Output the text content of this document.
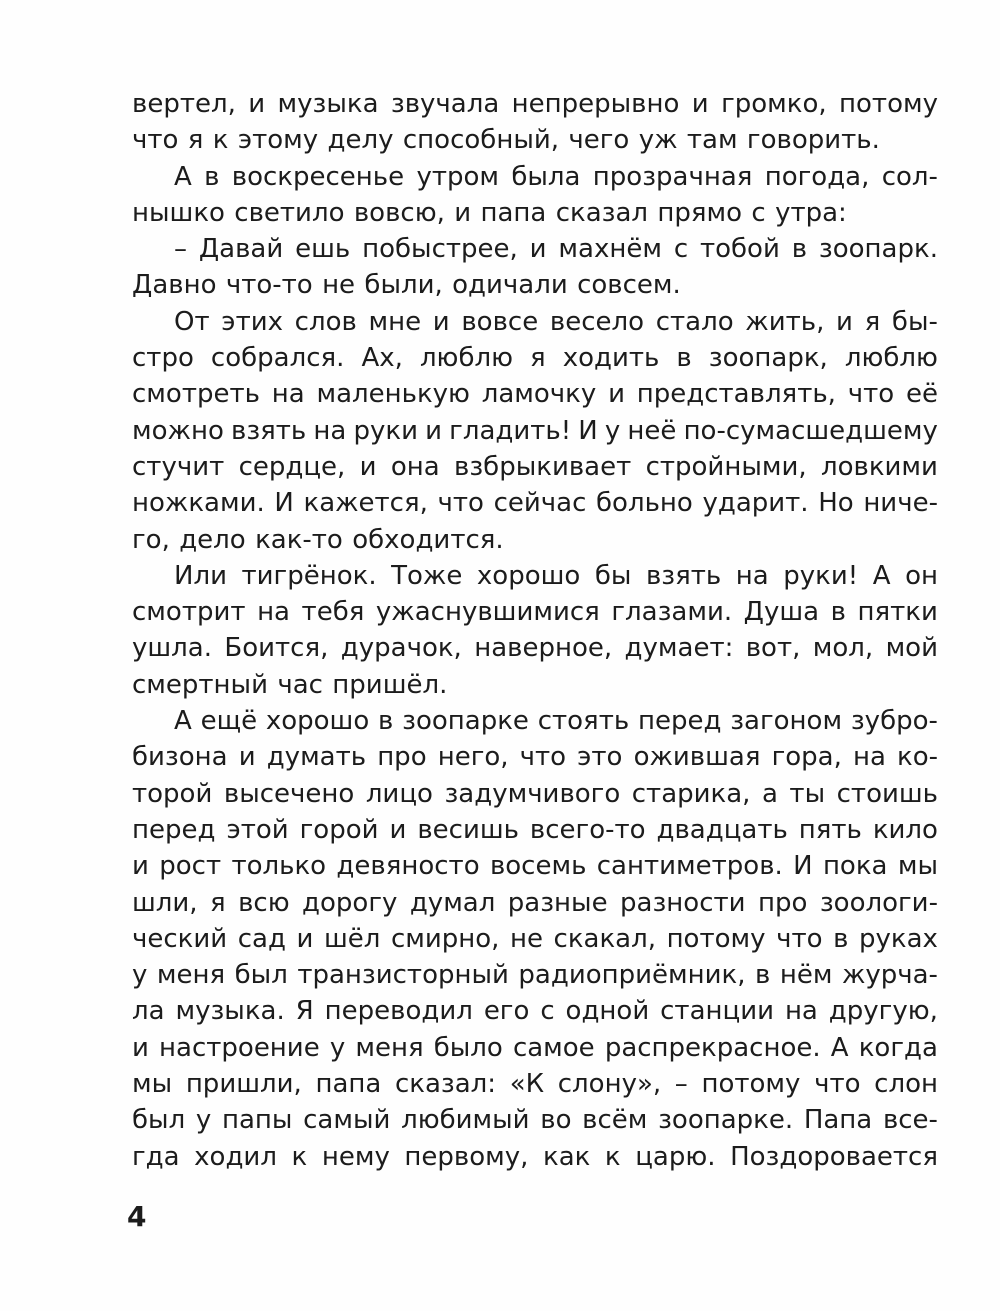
вертел, и музыка звучала непрерывно и громко, потому
что я к этому делу способный, чего уж там говорить.
А в воскресенье утром была прозрачная погода, сол-
нышко светило вовсю, и папа сказал прямо с утра:
– Давай ешь побыстрее, и махнём с тобой в зоопарк.
Давно что-то не были, одичали совсем.
От этих слов мне и вовсе весело стало жить, и я бы-
стро собрался. Ах, люблю я ходить в зоопарк, люблю
смотреть на маленькую ламочку и представлять, что её
можно взять на руки и гладить! И у неё по-сумасшедшему
стучит сердце, и она взбрыкивает стройными, ловкими
ножками. И кажется, что сейчас больно ударит. Но ниче-
го, дело как-то обходится.
Или тигрёнок. Тоже хорошо бы взять на руки! А он
смотрит на тебя ужаснувшимися глазами. Душа в пятки
ушла. Боится, дурачок, наверное, думает: вот, мол, мой
смертный час пришёл.
А ещё хорошо в зоопарке стоять перед загоном зубро-
бизона и думать про него, что это ожившая гора, на ко-
торой высечено лицо задумчивого старика, а ты стоишь
перед этой горой и весишь всего-то двадцать пять кило
и рост только девяносто восемь сантиметров. И пока мы
шли, я всю дорогу думал разные разности про зоологи-
ческий сад и шёл смирно, не скакал, потому что в руках
у меня был транзисторный радиоприёмник, в нём журча-
ла музыка. Я переводил его с одной станции на другую,
и настроение у меня было самое распрекрасное. А когда
мы пришли, папа сказал: «К слону», – потому что слон
был у папы самый любимый во всём зоопарке. Папа все-
гда ходил к нему первому, как к царю. Поздоровается
4
